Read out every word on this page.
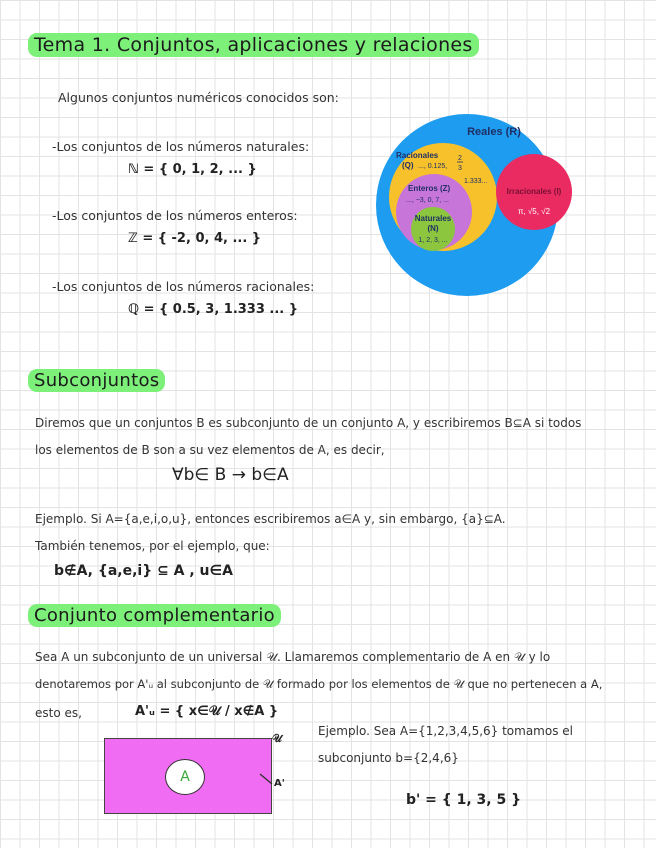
Tema 1. Conjuntos, aplicaciones y relaciones
Algunos conjuntos numéricos conocidos son:
-Los conjuntos de los números naturales:
ℕ = { 0, 1, 2, ... }
-Los conjuntos de los números enteros:
ℤ = { -2, 0, 4, ... }
-Los conjuntos de los números racionales:
ℚ = { 0.5, 3, 1.333 ... }
Reales (R)
Racionales
(Q) ..., 0.125,
2
3
1.333...
Enteros (Z)
..., −3, 0, 7, ...
Naturales
(N)
1, 2, 3, ...
Irracionales (I)
π, √5, √2
Subconjuntos
Diremos que un conjuntos B es subconjunto de un conjunto A, y escribiremos B⊆A si todos
los elementos de B son a su vez elementos de A, es decir,
∀b∈ B → b∈A
Ejemplo. Si A={a,e,i,o,u}, entonces escribiremos a∈A y, sin embargo, {a}⊆A.
También tenemos, por el ejemplo, que:
b∉A, {a,e,i} ⊆ A , u∈A
Conjunto complementario
Sea A un subconjunto de un universal 𝒰. Llamaremos complementario de A en 𝒰 y lo
denotaremos por A'ᵤ al subconjunto de 𝒰 formado por los elementos de 𝒰 que no pertenecen a A,
esto es,	A'ᵤ = { x∈𝒰 / x∉A }
A
𝒰
A'
Ejemplo. Sea A={1,2,3,4,5,6} tomamos el
subconjunto b={2,4,6}
b' = { 1, 3, 5 }
